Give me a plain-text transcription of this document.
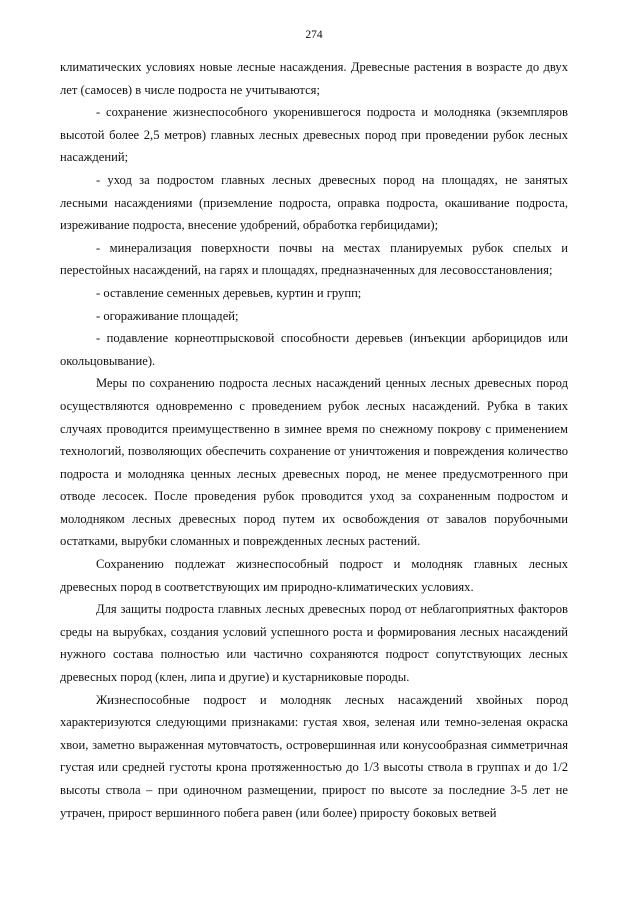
274

климатических условиях новые лесные насаждения. Древесные растения в возрасте до двух лет (самосев) в числе подроста не учитываются;

- сохранение жизнеспособного укоренившегося подроста и молодняка (экземпляров высотой более 2,5 метров) главных лесных древесных пород при проведении рубок лесных насаждений;

- уход за подростом главных лесных древесных пород на площадях, не занятых лесными насаждениями (приземление подроста, оправка подроста, окашивание подроста, изреживание подроста, внесение удобрений, обработка гербицидами);

- минерализация поверхности почвы на местах планируемых рубок спелых и перестойных насаждений, на гарях и площадях, предназначенных для лесовосстановления;

- оставление семенных деревьев, куртин и групп;

- огораживание площадей;

- подавление корнеотпрысковой способности деревьев (инъекции арборицидов или окольцовывание).

Меры по сохранению подроста лесных насаждений ценных лесных древесных пород осуществляются одновременно с проведением рубок лесных насаждений. Рубка в таких случаях проводится преимущественно в зимнее время по снежному покрову с применением технологий, позволяющих обеспечить сохранение от уничтожения и повреждения количество подроста и молодняка ценных лесных древесных пород, не менее предусмотренного при отводе лесосек. После проведения рубок проводится уход за сохраненным подростом и молодняком лесных древесных пород путем их освобождения от завалов порубочными остатками, вырубки сломанных и поврежденных лесных растений.

Сохранению подлежат жизнеспособный подрост и молодняк главных лесных древесных пород в соответствующих им природно-климатических условиях.

Для защиты подроста главных лесных древесных пород от неблагоприятных факторов среды на вырубках, создания условий успешного роста и формирования лесных насаждений нужного состава полностью или частично сохраняются подрост сопутствующих лесных древесных пород (клен, липа и другие) и кустарниковые породы.

Жизнеспособные подрост и молодняк лесных насаждений хвойных пород характеризуются следующими признаками: густая хвоя, зеленая или темно-зеленая окраска хвои, заметно выраженная мутовчатость, островершинная или конусообразная симметричная густая или средней густоты крона протяженностью до 1/3 высоты ствола в группах и до 1/2 высоты ствола – при одиночном размещении, прирост по высоте за последние 3-5 лет не утрачен, прирост вершинного побега равен (или более) приросту боковых ветвей
